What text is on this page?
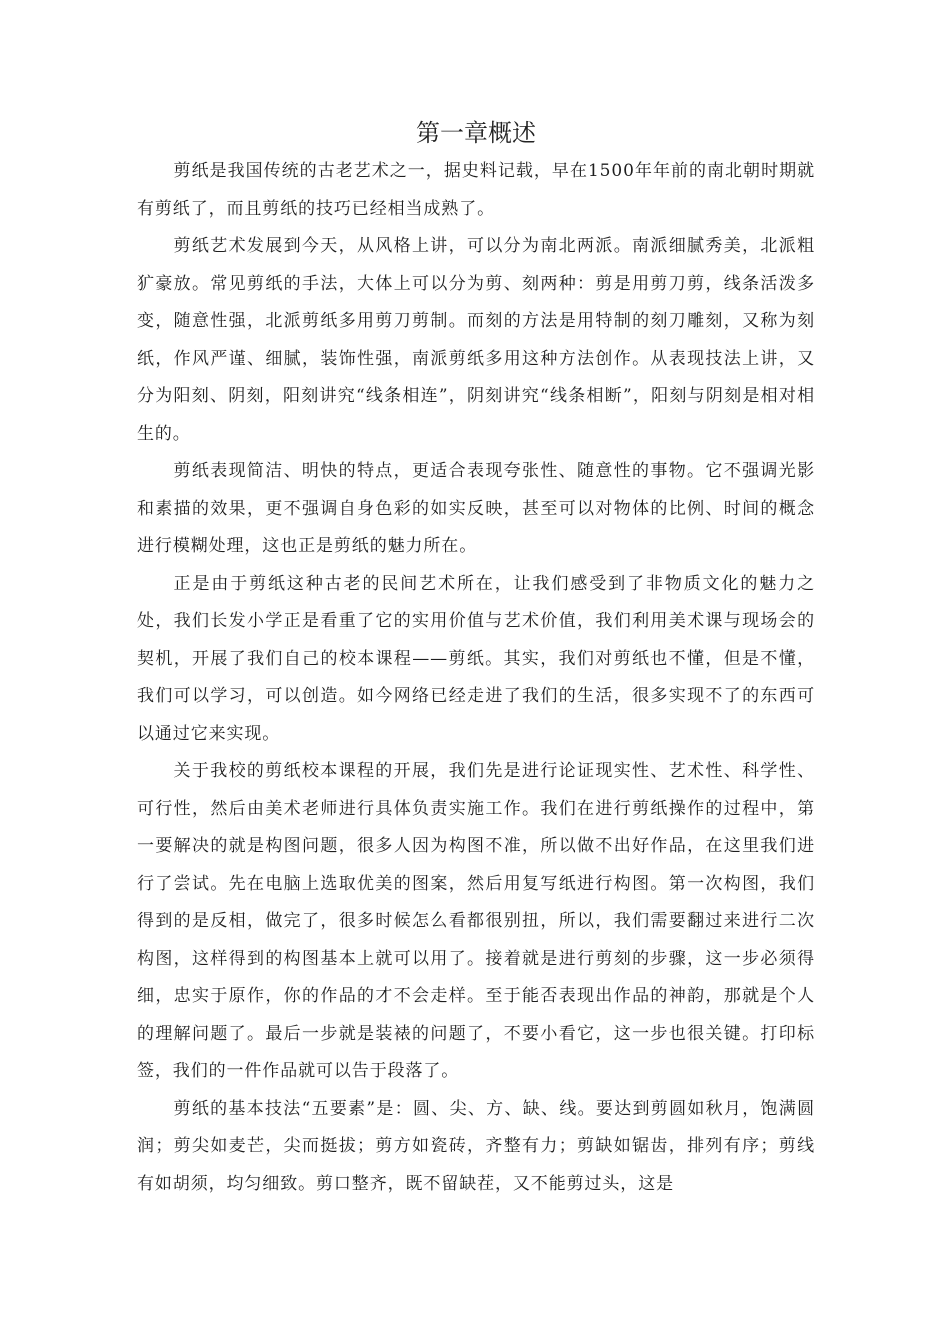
第一章概述

剪纸是我国传统的古老艺术之一，据史料记载，早在1500年年前的南北朝时期就有剪纸了，而且剪纸的技巧已经相当成熟了。

剪纸艺术发展到今天，从风格上讲，可以分为南北两派。南派细腻秀美，北派粗犷豪放。常见剪纸的手法，大体上可以分为剪、刻两种：剪是用剪刀剪，线条活泼多变，随意性强，北派剪纸多用剪刀剪制。而刻的方法是用特制的刻刀雕刻，又称为刻纸，作风严谨、细腻，装饰性强，南派剪纸多用这种方法创作。从表现技法上讲，又分为阳刻、阴刻，阳刻讲究“线条相连”，阴刻讲究“线条相断”，阳刻与阴刻是相对相生的。

剪纸表现简洁、明快的特点，更适合表现夸张性、随意性的事物。它不强调光影和素描的效果，更不强调自身色彩的如实反映，甚至可以对物体的比例、时间的概念进行模糊处理，这也正是剪纸的魅力所在。

正是由于剪纸这种古老的民间艺术所在，让我们感受到了非物质文化的魅力之处，我们长发小学正是看重了它的实用价值与艺术价值，我们利用美术课与现场会的契机，开展了我们自己的校本课程——剪纸。其实，我们对剪纸也不懂，但是不懂，我们可以学习，可以创造。如今网络已经走进了我们的生活，很多实现不了的东西可以通过它来实现。

关于我校的剪纸校本课程的开展，我们先是进行论证现实性、艺术性、科学性、可行性，然后由美术老师进行具体负责实施工作。我们在进行剪纸操作的过程中，第一要解决的就是构图问题，很多人因为构图不准，所以做不出好作品，在这里我们进行了尝试。先在电脑上选取优美的图案，然后用复写纸进行构图。第一次构图，我们得到的是反相，做完了，很多时候怎么看都很别扭，所以，我们需要翻过来进行二次构图，这样得到的构图基本上就可以用了。接着就是进行剪刻的步骤，这一步必须得细，忠实于原作，你的作品的才不会走样。至于能否表现出作品的神韵，那就是个人的理解问题了。最后一步就是装裱的问题了，不要小看它，这一步也很关键。打印标签，我们的一件作品就可以告于段落了。

剪纸的基本技法“五要素”是：圆、尖、方、缺、线。要达到剪圆如秋月，饱满圆润；剪尖如麦芒，尖而挺拔；剪方如瓷砖，齐整有力；剪缺如锯齿，排列有序；剪线有如胡须，均匀细致。剪口整齐，既不留缺茬，又不能剪过头，这是
